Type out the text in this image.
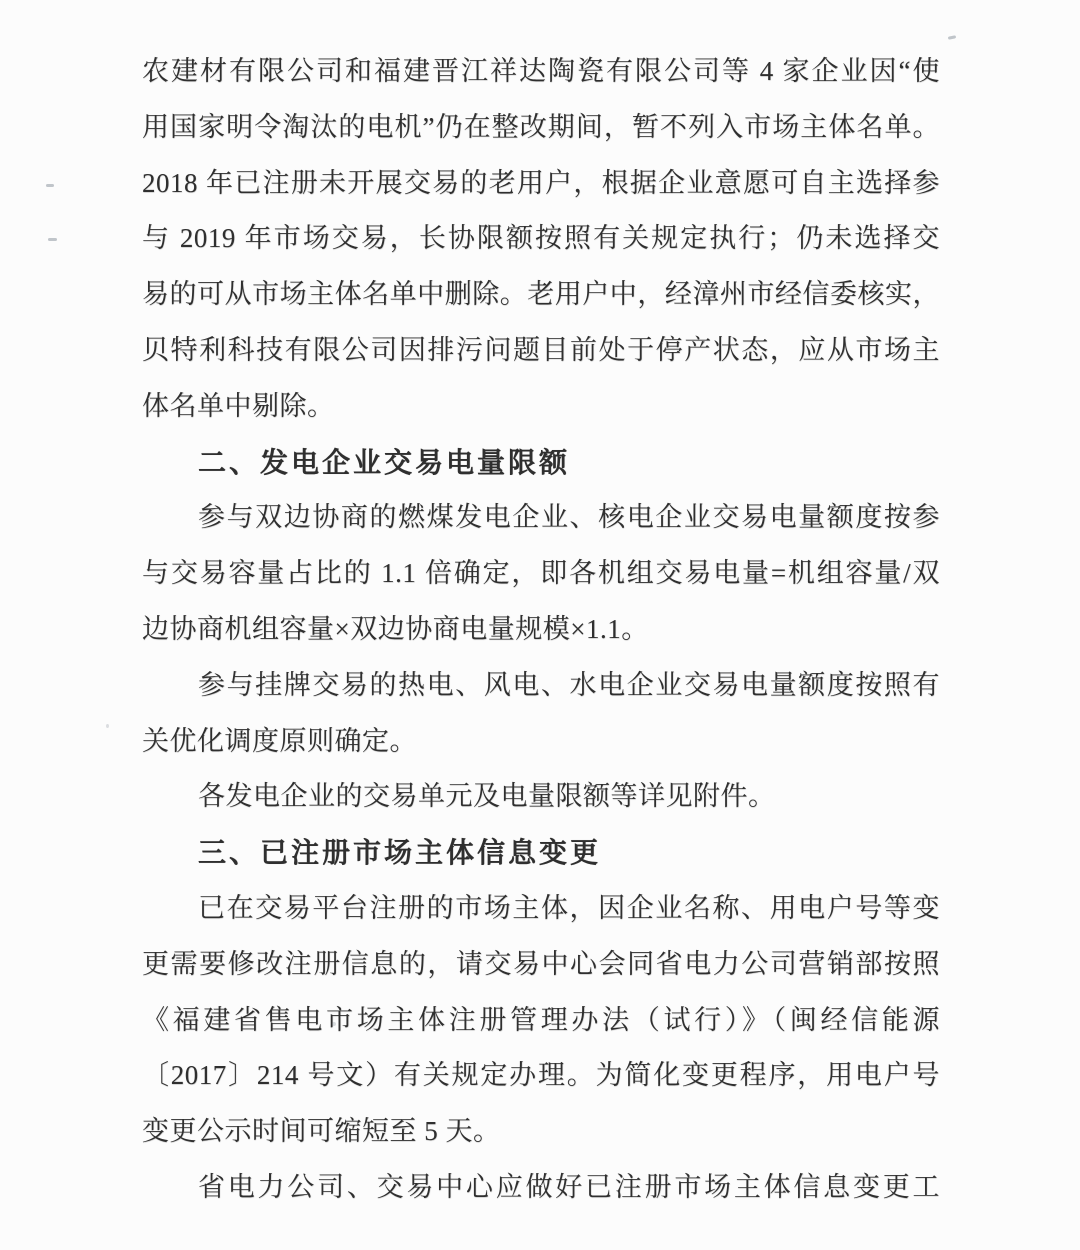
农建材有限公司和福建晋江祥达陶瓷有限公司等 4 家企业因“使
用国家明令淘汰的电机”仍在整改期间，暂不列入市场主体名单。
2018 年已注册未开展交易的老用户，根据企业意愿可自主选择参
与 2019 年市场交易，长协限额按照有关规定执行；仍未选择交
易的可从市场主体名单中删除。老用户中，经漳州市经信委核实，
贝特利科技有限公司因排污问题目前处于停产状态，应从市场主
体名单中剔除。
二、发电企业交易电量限额
参与双边协商的燃煤发电企业、核电企业交易电量额度按参
与交易容量占比的 1.1 倍确定，即各机组交易电量=机组容量/双
边协商机组容量×双边协商电量规模×1.1。
参与挂牌交易的热电、风电、水电企业交易电量额度按照有
关优化调度原则确定。
各发电企业的交易单元及电量限额等详见附件。
三、已注册市场主体信息变更
已在交易平台注册的市场主体，因企业名称、用电户号等变
更需要修改注册信息的，请交易中心会同省电力公司营销部按照
《福建省售电市场主体注册管理办法（试行）》（闽经信能源
〔2017〕214 号文）有关规定办理。为简化变更程序，用电户号
变更公示时间可缩短至 5 天。
省电力公司、交易中心应做好已注册市场主体信息变更工
